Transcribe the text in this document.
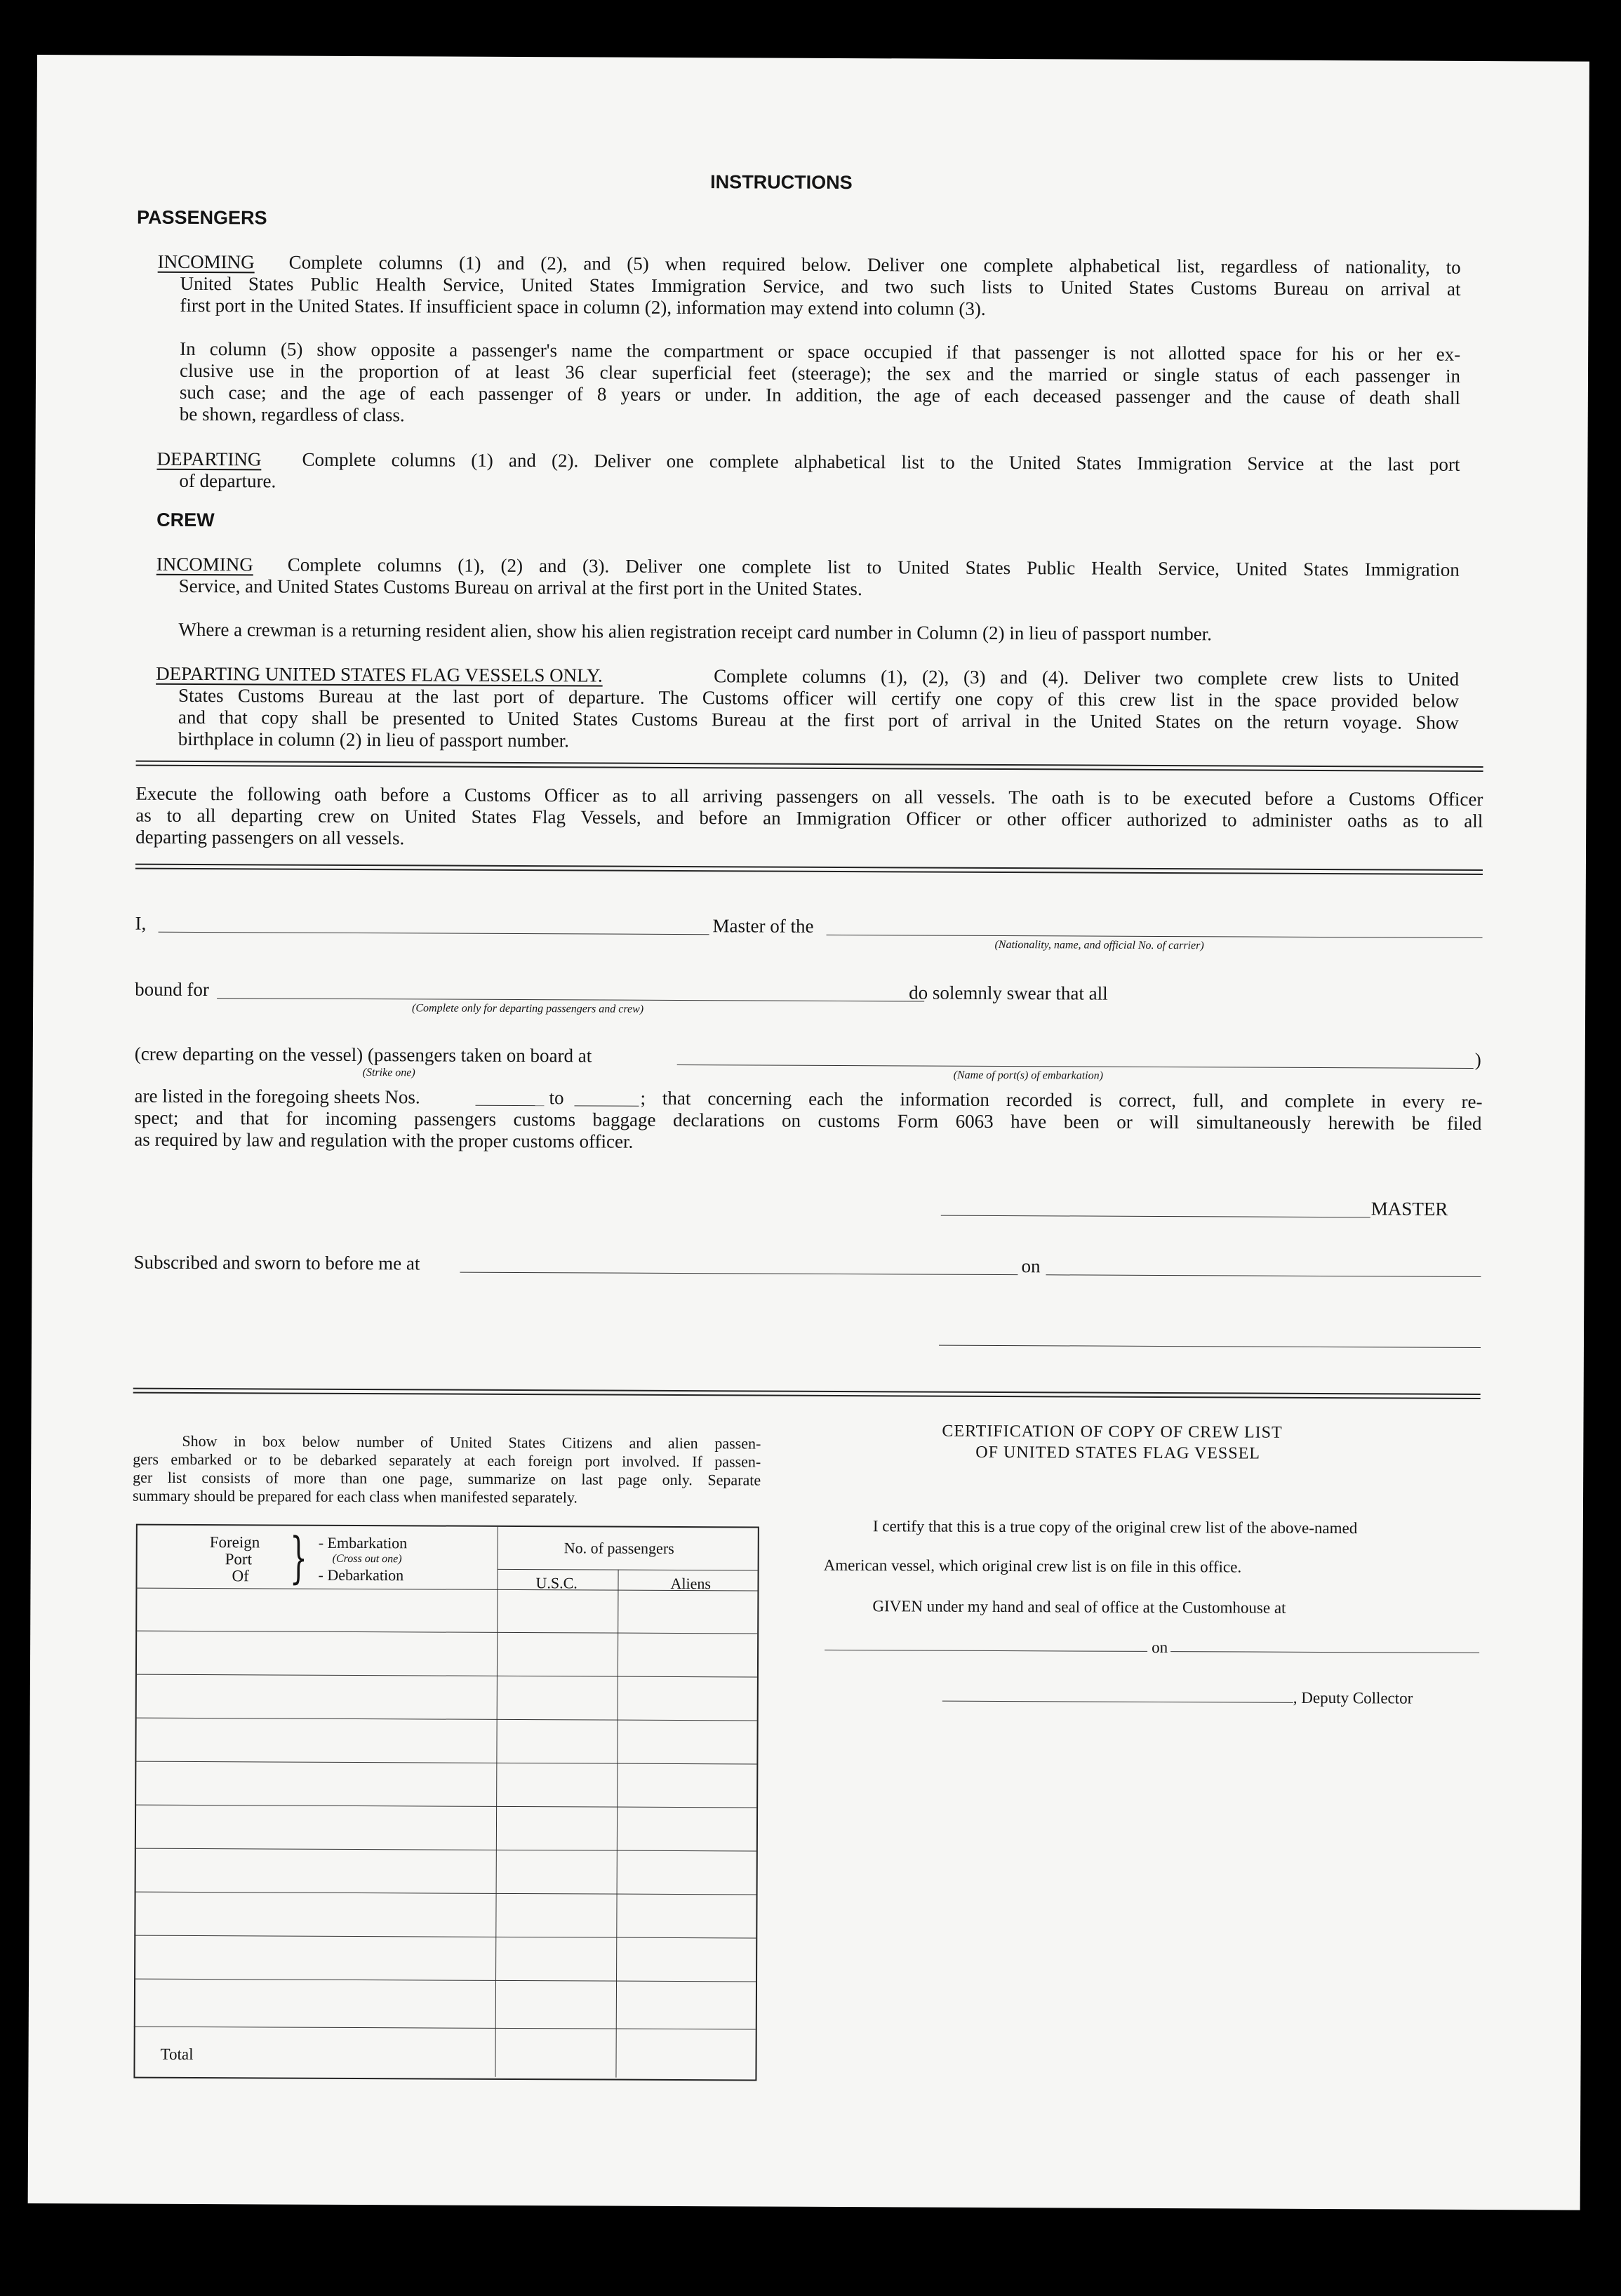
INSTRUCTIONS
PASSENGERS
INCOMING Complete columns (1) and (2), and (5) when required below. Deliver one complete alphabetical list, regardless of nationality, to
United States Public Health Service, United States Immigration Service, and two such lists to United States Customs Bureau on arrival at
first port in the United States. If insufficient space in column (2), information may extend into column (3).
In column (5) show opposite a passenger's name the compartment or space occupied if that passenger is not allotted space for his or her ex-
clusive use in the proportion of at least 36 clear superficial feet (steerage); the sex and the married or single status of each passenger in
such case; and the age of each passenger of 8 years or under. In addition, the age of each deceased passenger and the cause of death shall
be shown, regardless of class.
DEPARTING Complete columns (1) and (2). Deliver one complete alphabetical list to the United States Immigration Service at the last port
of departure.
CREW
INCOMING Complete columns (1), (2) and (3). Deliver one complete list to United States Public Health Service, United States Immigration
Service, and United States Customs Bureau on arrival at the first port in the United States.
Where a crewman is a returning resident alien, show his alien registration receipt card number in Column (2) in lieu of passport number.
DEPARTING UNITED STATES FLAG VESSELS ONLY.	Complete columns (1), (2), (3) and (4). Deliver two complete crew lists to United
States Customs Bureau at the last port of departure. The Customs officer will certify one copy of this crew list in the space provided below
and that copy shall be presented to United States Customs Bureau at the first port of arrival in the United States on the return voyage. Show
birthplace in column (2) in lieu of passport number.
Execute the following oath before a Customs Officer as to all arriving passengers on all vessels. The oath is to be executed before a Customs Officer
as to all departing crew on United States Flag Vessels, and before an Immigration Officer or other officer authorized to administer oaths as to all
departing passengers on all vessels.
I,	Master of the
(Nationality, name, and official No. of carrier)
bound for
(Complete only for departing passengers and crew)
do solemnly swear that all
(crew departing on the vessel) (passengers taken on board at	)
(Strike one)	(Name of port(s) of embarkation)
are listed in the foregoing sheets Nos.	to	; that concerning each the information recorded is correct, full, and complete in every re-
spect; and that for incoming passengers customs baggage declarations on customs Form 6063 have been or will simultaneously herewith be filed
as required by law and regulation with the proper customs officer.
MASTER
Subscribed and sworn to before me at	on
Show in box below number of United States Citizens and alien passen-
gers embarked or to be debarked separately at each foreign port involved. If passen-
ger list consists of more than one page, summarize on last page only. Separate
summary should be prepared for each class when manifested separately.
Foreign
Port
Of } - Embarkation
(Cross out one)
- Debarkation
No. of passengers
U.S.C.	Aliens
Total
CERTIFICATION OF COPY OF CREW LIST
OF UNITED STATES FLAG VESSEL
I certify that this is a true copy of the original crew list of the above-named
American vessel, which original crew list is on file in this office.
GIVEN under my hand and seal of office at the Customhouse at
on
, Deputy Collector
